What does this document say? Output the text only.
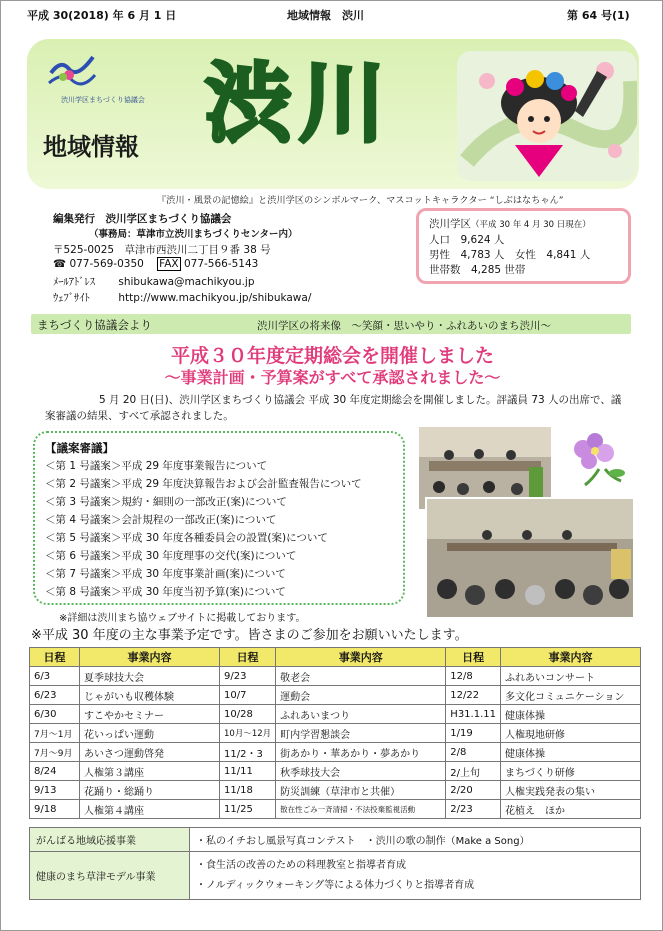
平成 30(2018) 年 6 月 1 日	地域情報　渋川	第 64 号(1)
渋川学区まちづくり協議会
地域情報 渋川
『渋川・風景の記憶絵』と渋川学区のシンボルマーク、マスコットキャラクター “しぶはなちゃん”
編集発行　渋川学区まちづくり協議会
（事務局：草津市立渋川まちづくりセンター内）
〒525-0025　草津市西渋川二丁目９番 38 号
☎ 077-569-0350 FAX 077-566-5143
ﾒｰﾙｱﾄﾞﾚｽ shibukawa@machikyou.jp
ｳｪﾌﾞｻｲﾄ	http://www.machikyou.jp/shibukawa/
渋川学区（平成 30 年 4 月 30 日現在）
人口　9,624 人
男性　4,783 人　 女性　4,841 人
世帯数　4,285 世帯
まちづくり協議会より	渋川学区の将来像　～笑顔・思いやり・ふれあいのまち渋川～
平成３０年度定期総会を開催しました
～事業計画・予算案がすべて承認されました～
5 月 20 日(日)、渋川学区まちづくり協議会 平成 30 年度定期総会を開催しました。評議員 73 人の出席で、議
案審議の結果、すべて承認されました。
【議案審議】
＜第 1 号議案＞平成 29 年度事業報告について
＜第 2 号議案＞平成 29 年度決算報告および会計監査報告について
＜第 3 号議案＞規約・細則の一部改正(案)について
＜第 4 号議案＞会計規程の一部改正(案)について
＜第 5 号議案＞平成 30 年度各種委員会の設置(案)について
＜第 6 号議案＞平成 30 年度理事の交代(案)について
＜第 7 号議案＞平成 30 年度事業計画(案)について
＜第 8 号議案＞平成 30 年度当初予算(案)について
※詳細は渋川まち協ウェブサイトに掲載しております。
※平成 30 年度の主な事業予定です。皆さまのご参加をお願いいたします。
日程	事業内容	日程	事業内容	日程	事業内容
6/3	夏季球技大会	9/23	敬老会	12/8	ふれあいコンサート
6/23	じゃがいも収穫体験	10/7	運動会	12/22	多文化コミュニケーション
6/30	すこやかセミナー	10/28	ふれあいまつり	H31.1.11	健康体操
7月～1月	花いっぱい運動	10月～12月	町内学習懇談会	1/19	人権現地研修
7月～9月	あいさつ運動啓発	11/2・3	街あかり・華あかり・夢あかり	2/8	健康体操
8/24	人権第３講座	11/11	秋季球技大会	2/上旬	まちづくり研修
9/13	花踊り・総踊り	11/18	防災訓練（草津市と共催）	2/20	人権実践発表の集い
9/18	人権第４講座	11/25	散在性ごみ一斉清掃・不法投棄監視活動	2/23	花植え　ほか
がんばる地域応援事業	・私のイチおし風景写真コンテスト　・渋川の歌の制作（Make a Song）
健康のまち草津モデル事業	・食生活の改善のための料理教室と指導者育成
・ノルディックウォーキング等による体力づくりと指導者育成
